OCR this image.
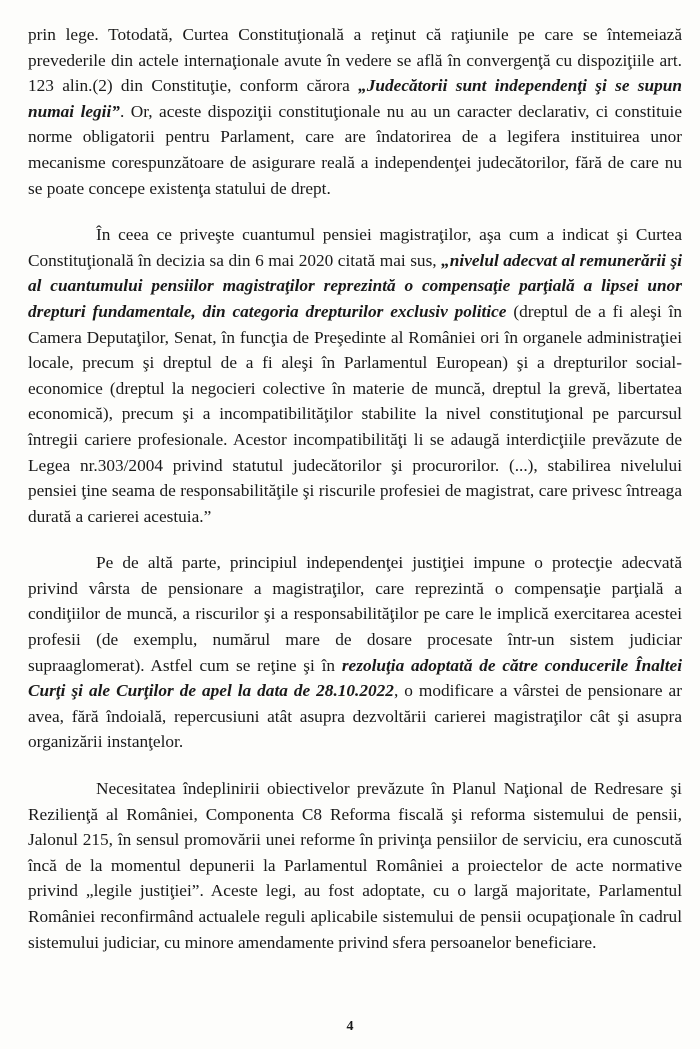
prin lege. Totodată, Curtea Constituţională a reţinut că raţiunile pe care se întemeiază prevederile din actele internaţionale avute în vedere se află în convergenţă cu dispoziţiile art. 123 alin.(2) din Constituţie, conform cărora „Judecătorii sunt independenţi şi se supun numai legii”. Or, aceste dispoziţii constituţionale nu au un caracter declarativ, ci constituie norme obligatorii pentru Parlament, care are îndatorirea de a legifera instituirea unor mecanisme corespunzătoare de asigurare reală a independenţei judecătorilor, fără de care nu se poate concepe existenţa statului de drept.

În ceea ce priveşte cuantumul pensiei magistraţilor, aşa cum a indicat şi Curtea Constituţională în decizia sa din 6 mai 2020 citată mai sus, „nivelul adecvat al remunerării şi al cuantumului pensiilor magistraţilor reprezintă o compensaţie parţială a lipsei unor drepturi fundamentale, din categoria drepturilor exclusiv politice (dreptul de a fi aleşi în Camera Deputaţilor, Senat, în funcţia de Preşedinte al României ori în organele administraţiei locale, precum şi dreptul de a fi aleşi în Parlamentul European) şi a drepturilor social-economice (dreptul la negocieri colective în materie de muncă, dreptul la grevă, libertatea economică), precum şi a incompatibilităţilor stabilite la nivel constituţional pe parcursul întregii cariere profesionale. Acestor incompatibilităţi li se adaugă interdicţiile prevăzute de Legea nr.303/2004 privind statutul judecătorilor şi procurorilor. (...), stabilirea nivelului pensiei ţine seama de responsabilităţile şi riscurile profesiei de magistrat, care privesc întreaga durată a carierei acestuia.”

Pe de altă parte, principiul independenţei justiţiei impune o protecţie adecvată privind vârsta de pensionare a magistraţilor, care reprezintă o compensaţie parţială a condiţiilor de muncă, a riscurilor şi a responsabilităţilor pe care le implică exercitarea acestei profesii (de exemplu, numărul mare de dosare procesate într-un sistem judiciar supraaglomerat). Astfel cum se reţine şi în rezoluţia adoptată de către conducerile Înaltei Curţi şi ale Curţilor de apel la data de 28.10.2022, o modificare a vârstei de pensionare ar avea, fără îndoială, repercusiuni atât asupra dezvoltării carierei magistraţilor cât şi asupra organizării instanţelor.

Necesitatea îndeplinirii obiectivelor prevăzute în Planul Naţional de Redresare şi Rezilienţă al României, Componenta C8 Reforma fiscală şi reforma sistemului de pensii, Jalonul 215, în sensul promovării unei reforme în privinţa pensiilor de serviciu, era cunoscută încă de la momentul depunerii la Parlamentul României a proiectelor de acte normative privind „legile justiţiei”. Aceste legi, au fost adoptate, cu o largă majoritate, Parlamentul României reconfirmând actualele reguli aplicabile sistemului de pensii ocupaţionale în cadrul sistemului judiciar, cu minore amendamente privind sfera persoanelor beneficiare.

4
